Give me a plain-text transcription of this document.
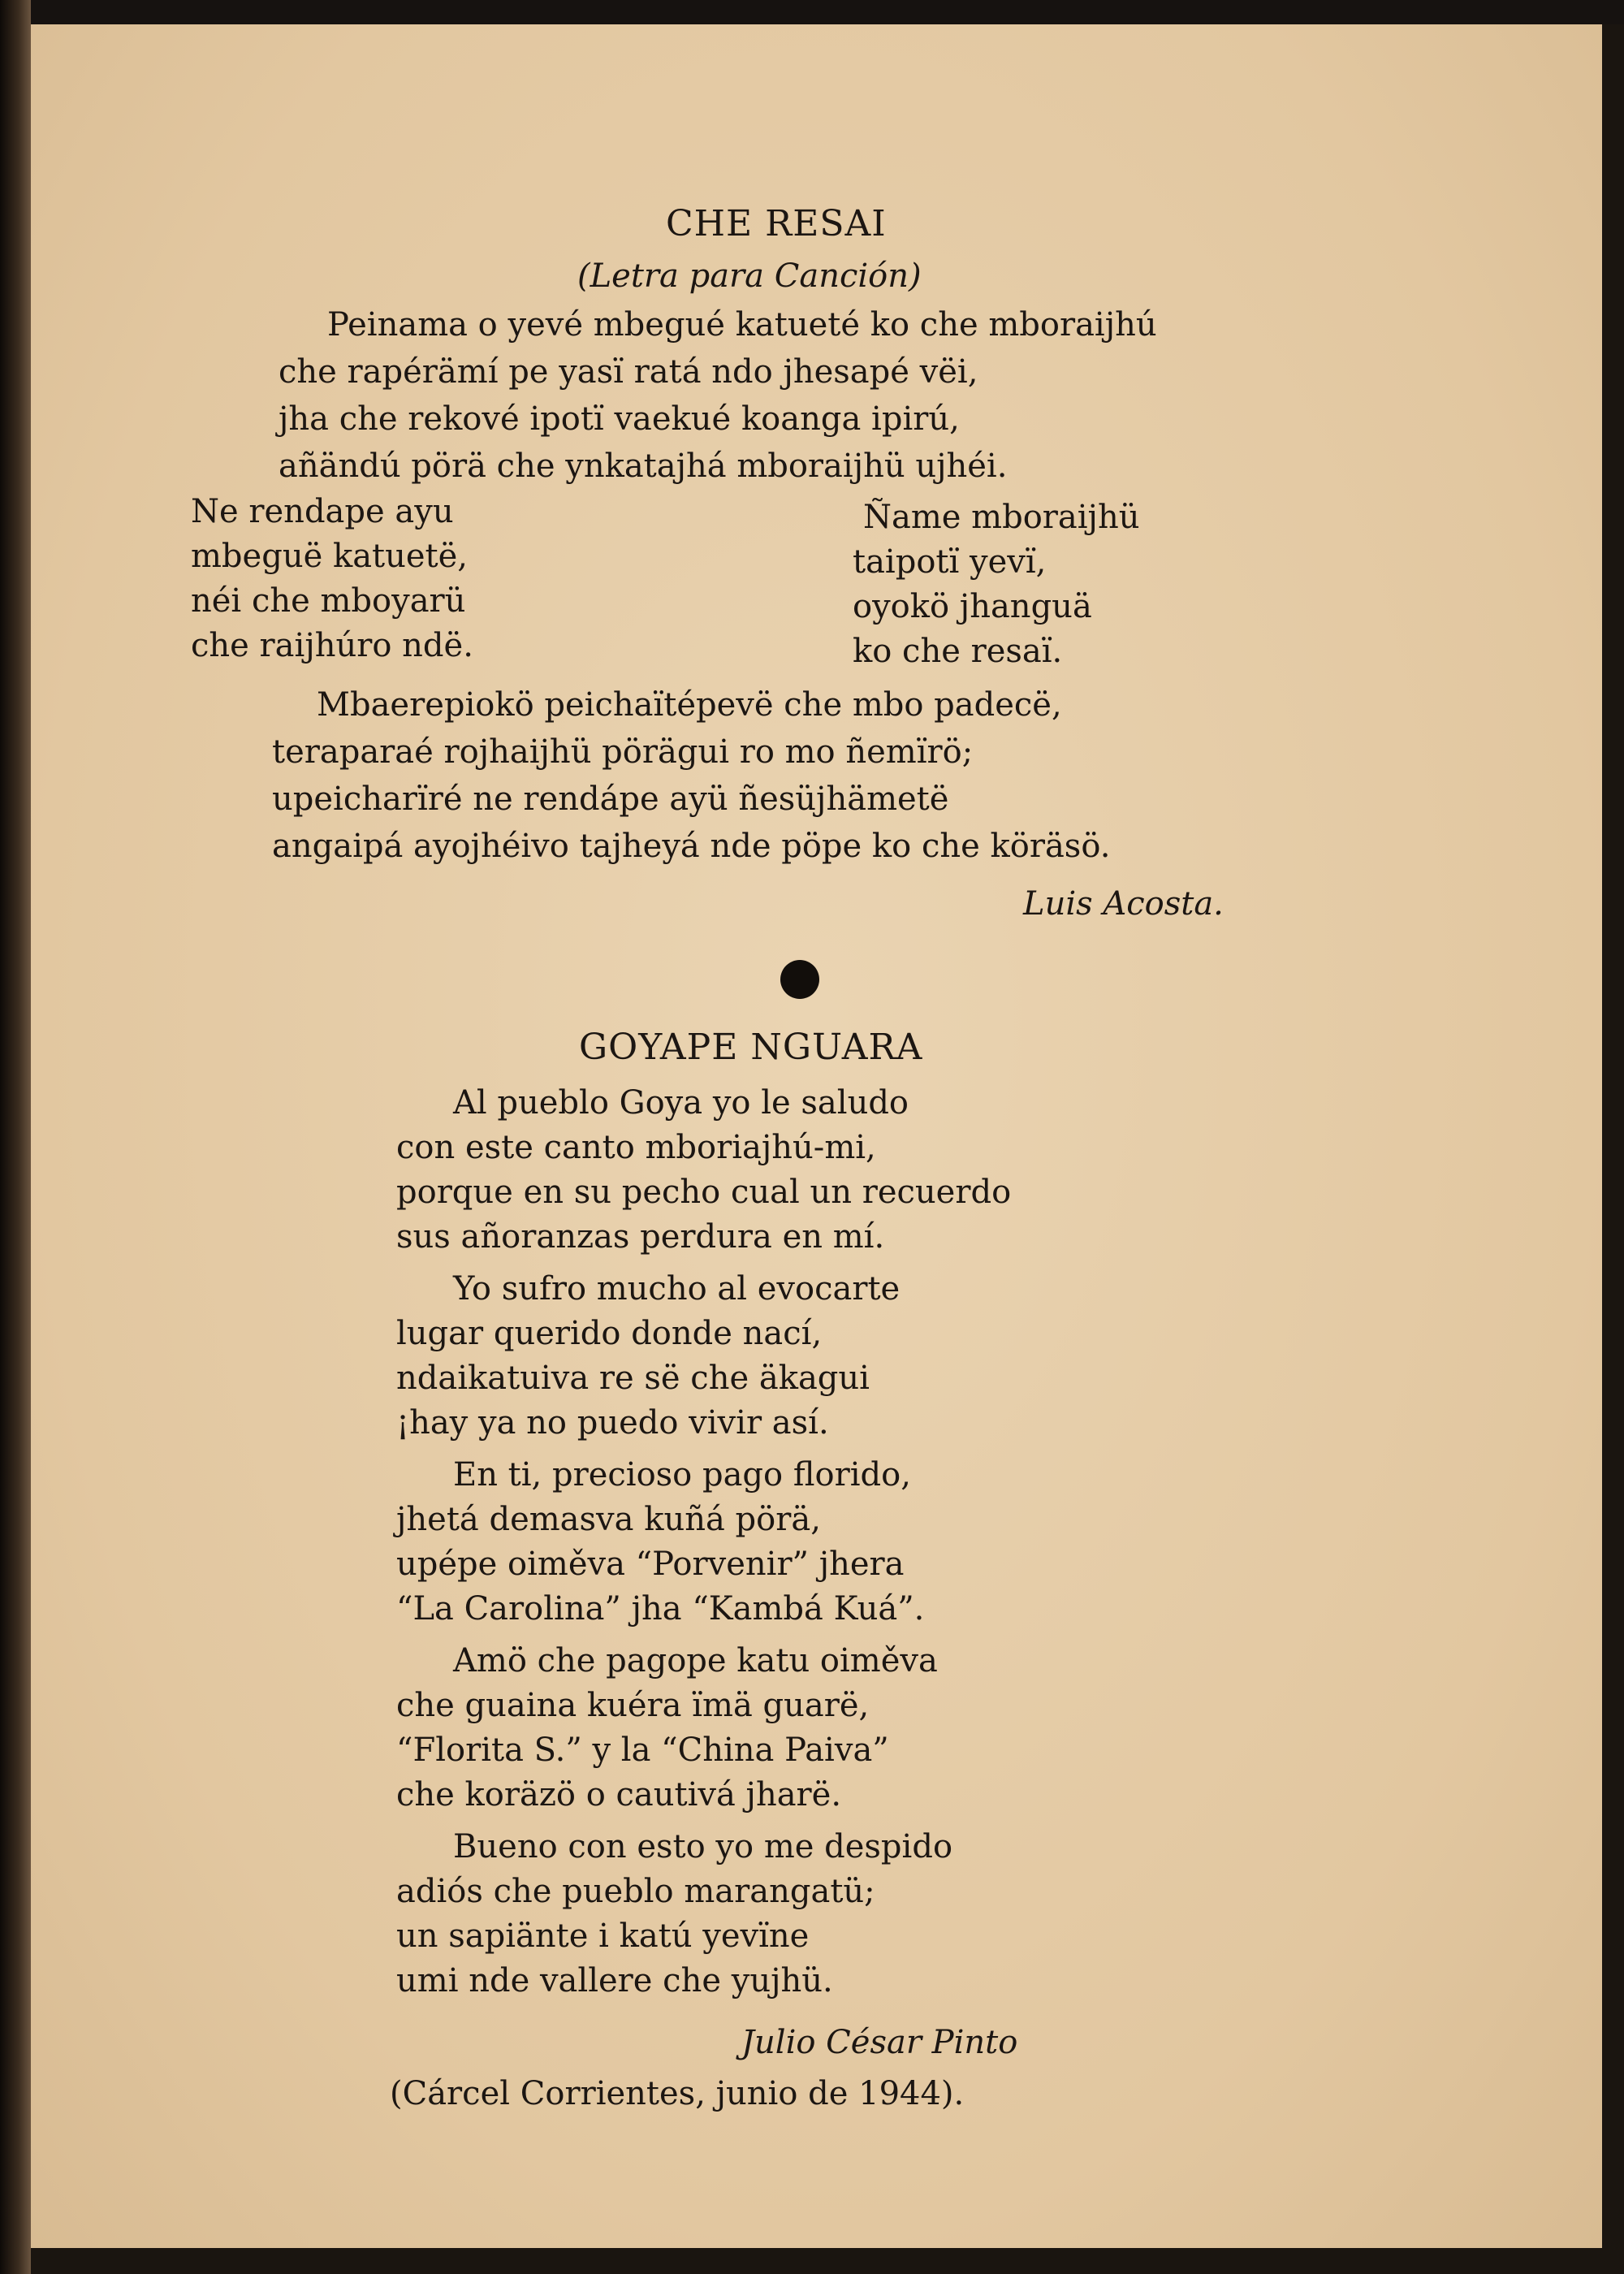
CHE RESAI
(Letra para Canción)
Peinama o yevé mbegué katueté ko che mboraijhú
che rapérämí pe yasï ratá ndo jhesapé vëi,
jha che rekové ipotï vaekué koanga ipirú,
añändú pörä che ynkatajhá mboraijhü ujhéi.
Ne rendape ayu
mbeguë katuetë,
néi che mboyarü
che raijhúro ndë.
Ñame mboraijhü
taipotï yevï,
oyokö jhanguä
ko che resaï.
Mbaerepiokö peichaïtépevë che mbo padecë,
teraparaé rojhaijhü pörägui ro mo ñemïrö;
upeicharïré ne rendápe ayü ñesüjhämetë
angaipá ayojhéivo tajheyá nde pöpe ko che köräsö.
Luis Acosta.
GOYAPE NGUARA
Al pueblo Goya yo le saludo
con este canto mboriajhú-mi,
porque en su pecho cual un recuerdo
sus añoranzas perdura en mí.
Yo sufro mucho al evocarte
lugar querido donde nací,
ndaikatuiva re së che äkagui
¡hay ya no puedo vivir así.
En ti, precioso pago florido,
jhetá demasva kuñá pörä,
upépe oiměva “Porvenir” jhera
“La Carolina” jha “Kambá Kuá”.
Amö che pagope katu oiměva
che guaina kuéra ïmä guarë,
“Florita S.” y la “China Paiva”
che koräzö o cautivá jharë.
Bueno con esto yo me despido
adiós che pueblo marangatü;
un sapiänte i katú yevïne
umi nde vallere che yujhü.
Julio César Pinto
(Cárcel Corrientes, junio de 1944).
